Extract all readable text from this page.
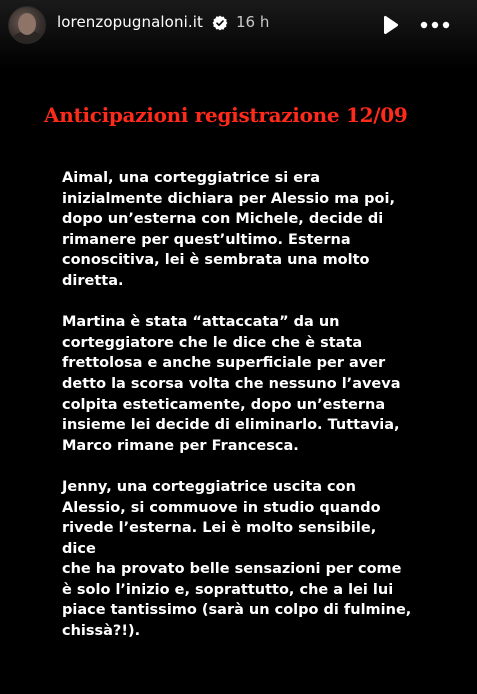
lorenzopugnaloni.it 16 h
Anticipazioni registrazione 12/09

Aimal, una corteggiatrice si era
inizialmente dichiara per Alessio ma poi,
dopo un’esterna con Michele, decide di
rimanere per quest’ultimo. Esterna
conoscitiva, lei è sembrata una molto
diretta.

Martina è stata “attaccata” da un
corteggiatore che le dice che è stata
frettolosa e anche superficiale per aver
detto la scorsa volta che nessuno l’aveva
colpita esteticamente, dopo un’esterna
insieme lei decide di eliminarlo. Tuttavia,
Marco rimane per Francesca.

Jenny, una corteggiatrice uscita con
Alessio, si commuove in studio quando
rivede l’esterna. Lei è molto sensibile, dice
che ha provato belle sensazioni per come
è solo l’inizio e, soprattutto, che a lei lui
piace tantissimo (sarà un colpo di fulmine,
chissà?!).
